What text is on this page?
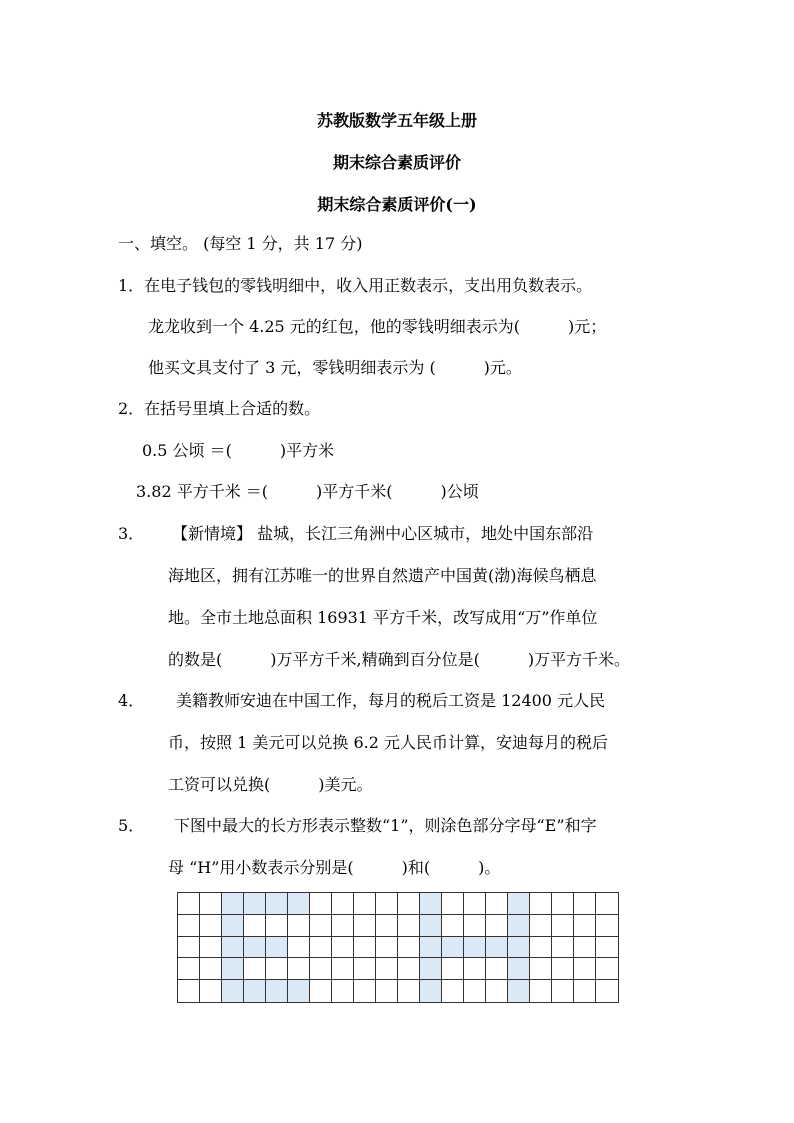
苏教版数学五年级上册
期末综合素质评价
期末综合素质评价(一)
一、填空。 (每空 1 分，共 17 分)
1．在电子钱包的零钱明细中，收入用正数表示，支出用负数表示。
龙龙收到一个 4.25 元的红包，他的零钱明细表示为(　　　)元；
他买文具支付了 3 元，零钱明细表示为 (　　　)元。
2．在括号里填上合适的数。
0.5 公顷 ＝(　　　)平方米
3.82 平方千米 ＝(　　　)平方千米(　　　)公顷
3． 【新情境】 盐城，长江三角洲中心区城市，地处中国东部沿
海地区，拥有江苏唯一的世界自然遗产中国黄(渤)海候鸟栖息
地。全市土地总面积 16931 平方千米，改写成用“万”作单位
的数是(　　　)万平方千米,精确到百分位是(　　　)万平方千米。
4． 美籍教师安迪在中国工作，每月的税后工资是 12400 元人民
币，按照 1 美元可以兑换 6.2 元人民币计算，安迪每月的税后
工资可以兑换(　　　)美元。
5． 下图中最大的长方形表示整数“1”，则涂色部分字母“E”和字
母 “H”用小数表示分别是(　　　)和(　　　)。
